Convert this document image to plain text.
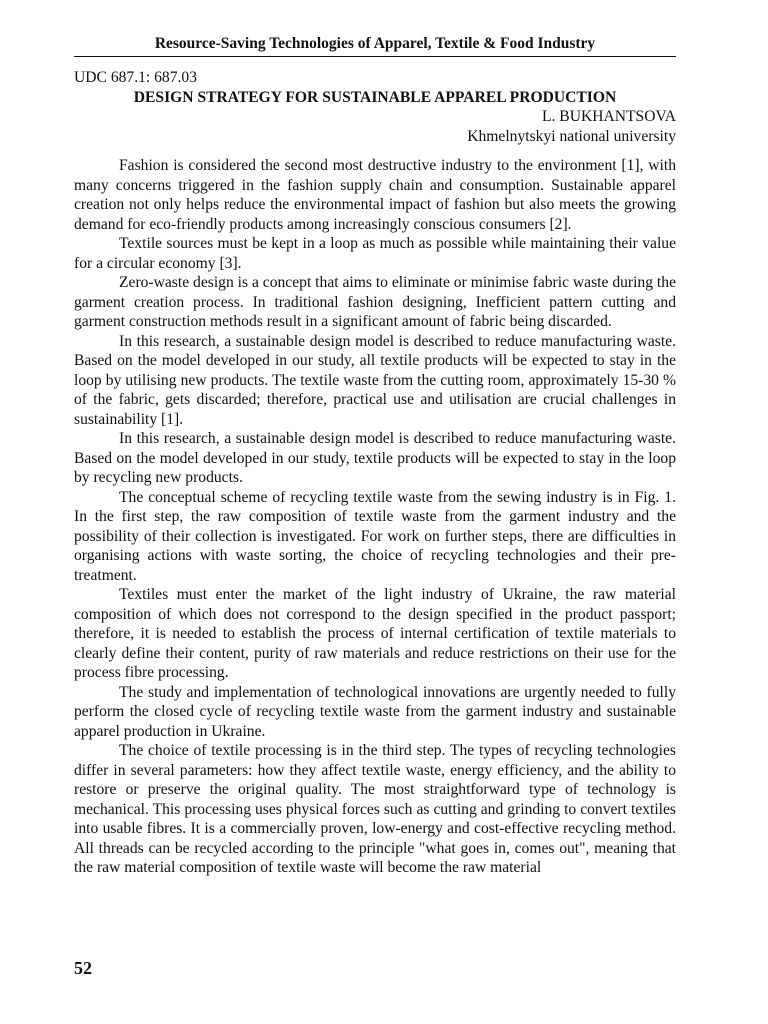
Resource-Saving Technologies of Apparel, Textile & Food Industry

UDC 687.1: 687.03

DESIGN STRATEGY FOR SUSTAINABLE APPAREL PRODUCTION

L. BUKHANTSOVA

Khmelnytskyi national university

Fashion is considered the second most destructive industry to the environment [1], with many concerns triggered in the fashion supply chain and consumption. Sustainable apparel creation not only helps reduce the environmental impact of fashion but also meets the growing demand for eco-friendly products among increasingly conscious consumers [2].

Textile sources must be kept in a loop as much as possible while maintaining their value for a circular economy [3].

Zero-waste design is a concept that aims to eliminate or minimise fabric waste during the garment creation process. In traditional fashion designing, Inefficient pattern cutting and garment construction methods result in a significant amount of fabric being discarded.

In this research, a sustainable design model is described to reduce manufacturing waste. Based on the model developed in our study, all textile products will be expected to stay in the loop by utilising new products. The textile waste from the cutting room, approximately 15-30 % of the fabric, gets discarded; therefore, practical use and utilisation are crucial challenges in sustainability [1].

In this research, a sustainable design model is described to reduce manufacturing waste. Based on the model developed in our study, textile products will be expected to stay in the loop by recycling new products.

The conceptual scheme of recycling textile waste from the sewing industry is in Fig. 1. In the first step, the raw composition of textile waste from the garment industry and the possibility of their collection is investigated. For work on further steps, there are difficulties in organising actions with waste sorting, the choice of recycling technologies and their pre-treatment.

Textiles must enter the market of the light industry of Ukraine, the raw material composition of which does not correspond to the design specified in the product passport; therefore, it is needed to establish the process of internal certification of textile materials to clearly define their content, purity of raw materials and reduce restrictions on their use for the process fibre processing.

The study and implementation of technological innovations are urgently needed to fully perform the closed cycle of recycling textile waste from the garment industry and sustainable apparel production in Ukraine.

The choice of textile processing is in the third step. The types of recycling technologies differ in several parameters: how they affect textile waste, energy efficiency, and the ability to restore or preserve the original quality. The most straightforward type of technology is mechanical. This processing uses physical forces such as cutting and grinding to convert textiles into usable fibres. It is a commercially proven, low-energy and cost-effective recycling method. All threads can be recycled according to the principle "what goes in, comes out", meaning that the raw material composition of textile waste will become the raw material

52
